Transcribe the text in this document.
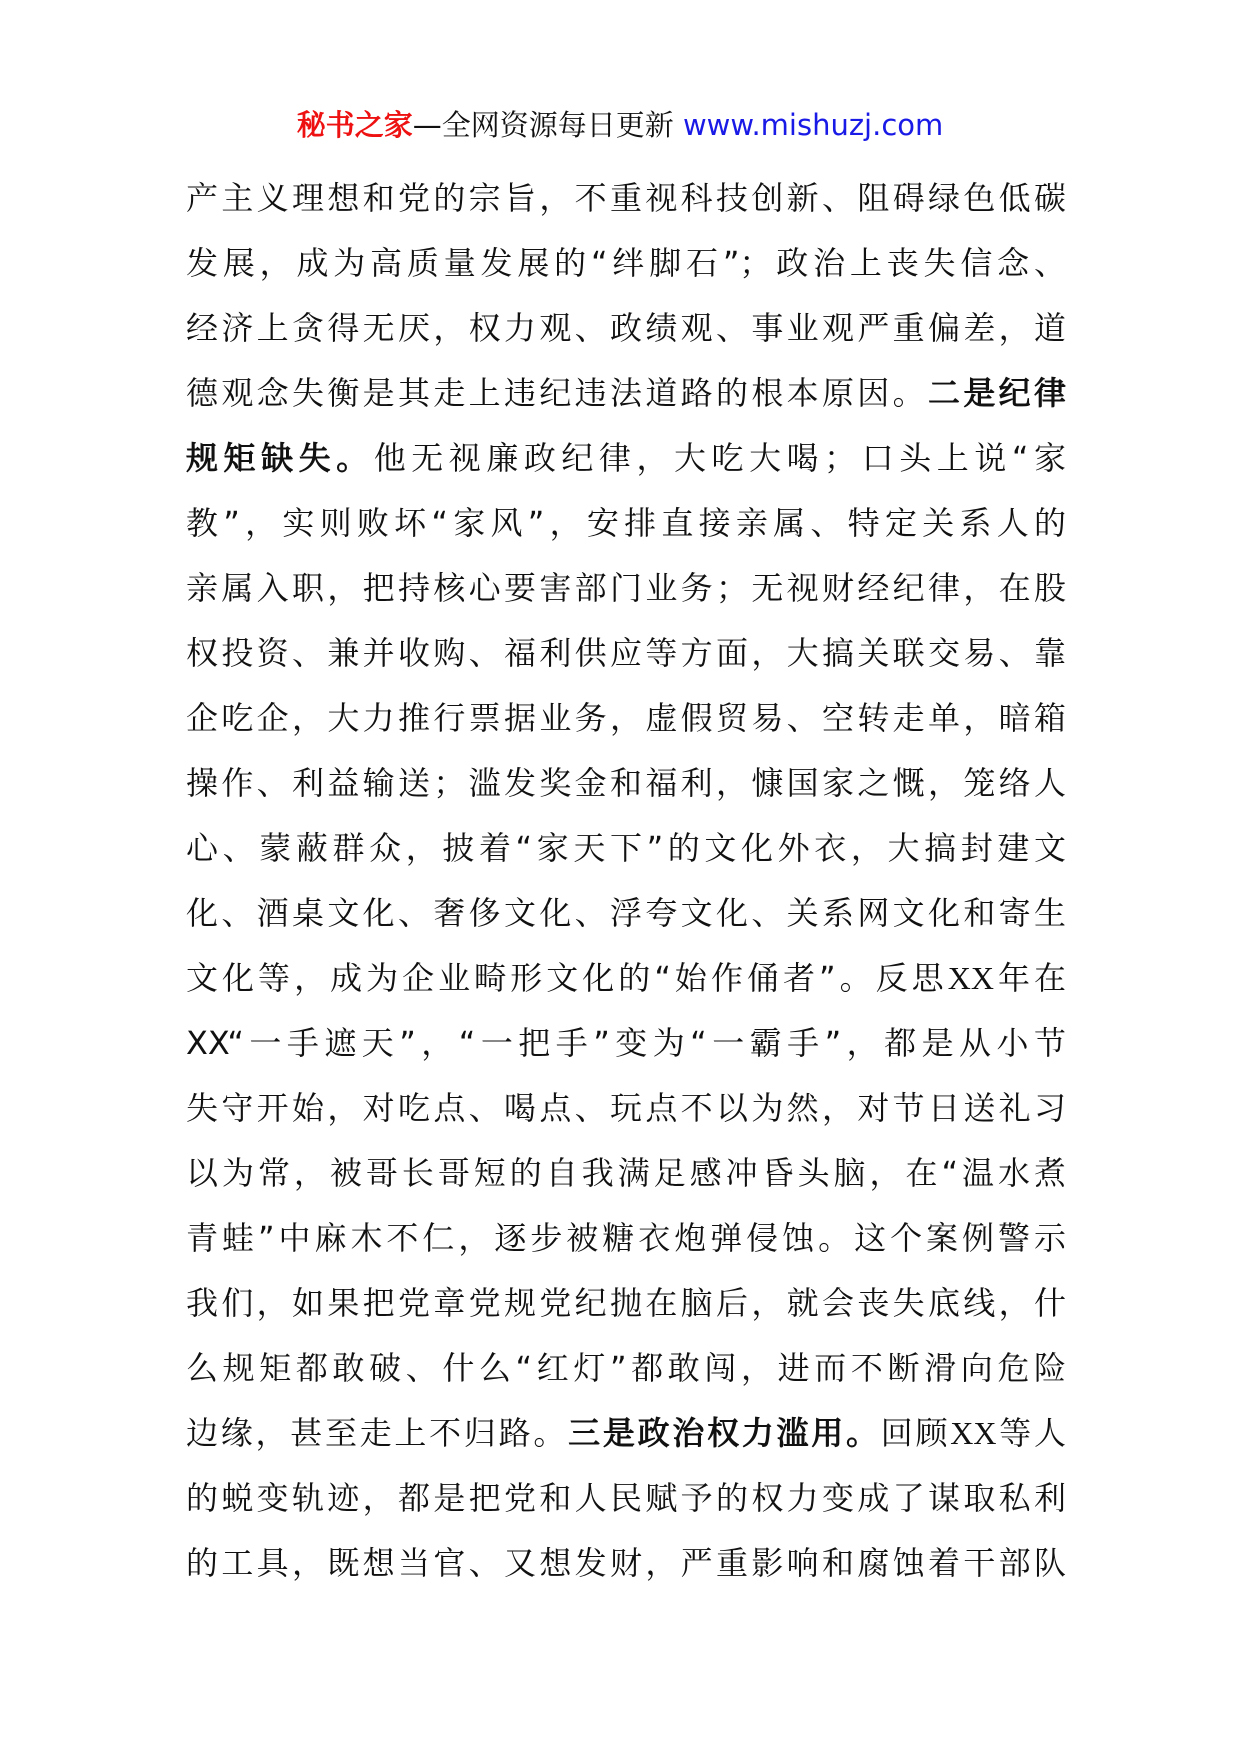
秘书之家—全网资源每日更新 www.mishuzj.com
产主义理想和党的宗旨，不重视科技创新、阻碍绿色低碳
发展，成为高质量发展的“绊脚石”；政治上丧失信念、
经济上贪得无厌，权力观、政绩观、事业观严重偏差，道
德观念失衡是其走上违纪违法道路的根本原因。二是纪律
规矩缺失。他无视廉政纪律，大吃大喝；口头上说“家
教”，实则败坏“家风”，安排直接亲属、特定关系人的
亲属入职，把持核心要害部门业务；无视财经纪律，在股
权投资、兼并收购、福利供应等方面，大搞关联交易、靠
企吃企，大力推行票据业务，虚假贸易、空转走单，暗箱
操作、利益输送；滥发奖金和福利，慷国家之慨，笼络人
心、蒙蔽群众，披着“家天下”的文化外衣，大搞封建文
化、酒桌文化、奢侈文化、浮夸文化、关系网文化和寄生
文化等，成为企业畸形文化的“始作俑者”。反思XX年在
XX“一手遮天”，“一把手”变为“一霸手”，都是从小节
失守开始，对吃点、喝点、玩点不以为然，对节日送礼习
以为常，被哥长哥短的自我满足感冲昏头脑，在“温水煮
青蛙”中麻木不仁，逐步被糖衣炮弹侵蚀。这个案例警示
我们，如果把党章党规党纪抛在脑后，就会丧失底线，什
么规矩都敢破、什么“红灯”都敢闯，进而不断滑向危险
边缘，甚至走上不归路。三是政治权力滥用。回顾XX等人
的蜕变轨迹，都是把党和人民赋予的权力变成了谋取私利
的工具，既想当官、又想发财，严重影响和腐蚀着干部队
